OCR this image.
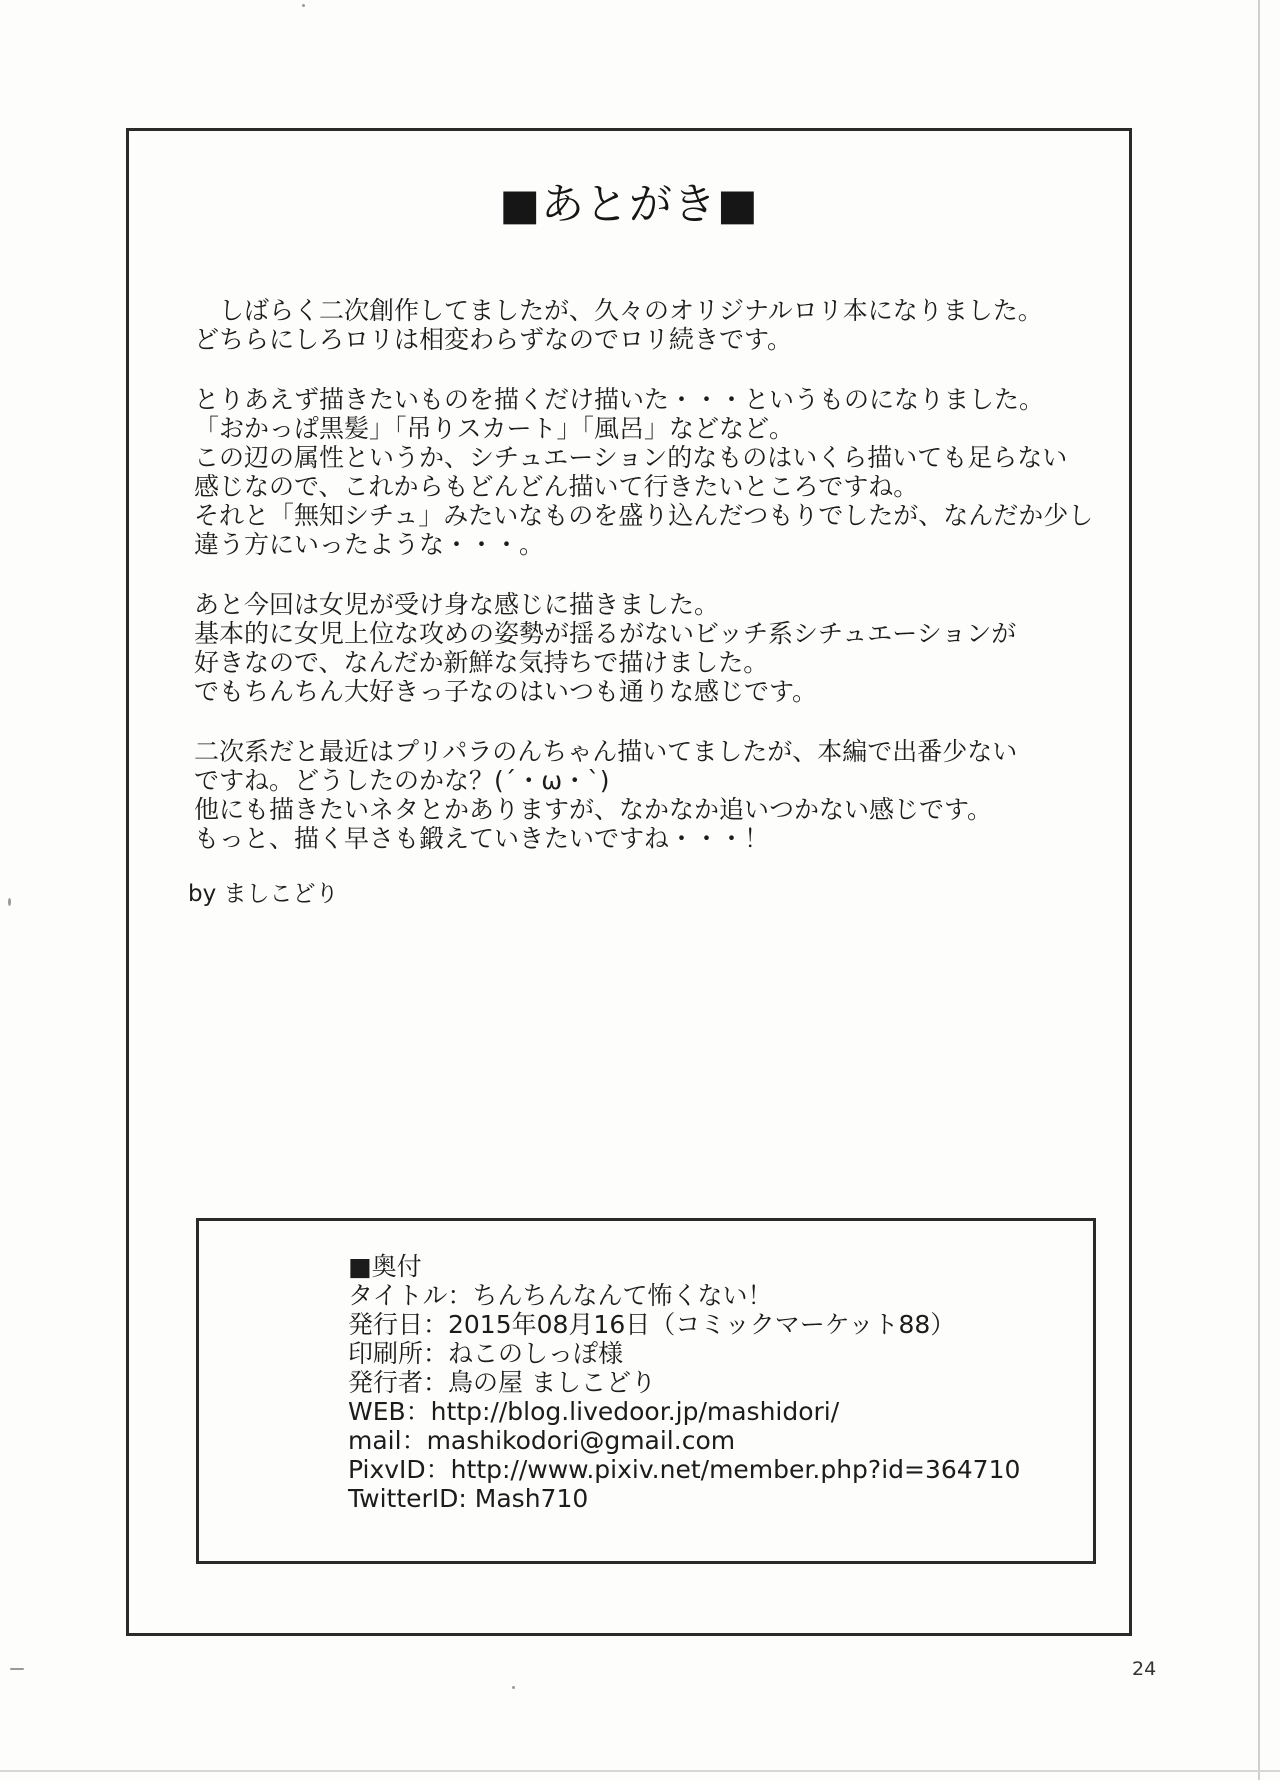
■あとがき■
　しばらく二次創作してましたが、久々のオリジナルロリ本になりました。
どちらにしろロリは相変わらずなのでロリ続きです。
とりあえず描きたいものを描くだけ描いた・・・というものになりました。
「おかっぱ黒髪」「吊りスカート」「風呂」などなど。
この辺の属性というか、シチュエーション的なものはいくら描いても足らない
感じなので、これからもどんどん描いて行きたいところですね。
それと「無知シチュ」みたいなものを盛り込んだつもりでしたが、なんだか少し
違う方にいったような・・・。
あと今回は女児が受け身な感じに描きました。
基本的に女児上位な攻めの姿勢が揺るがないビッチ系シチュエーションが
好きなので、なんだか新鮮な気持ちで描けました。
でもちんちん大好きっ子なのはいつも通りな感じです。
二次系だと最近はプリパラのんちゃん描いてましたが、本編で出番少ない
ですね。どうしたのかな？(´・ω・`)
他にも描きたいネタとかありますが、なかなか追いつかない感じです。
もっと、描く早さも鍛えていきたいですね・・・！
by ましこどり
■奥付
タイトル：ちんちんなんて怖くない！
発行日：2015年08月16日（コミックマーケット88）
印刷所：ねこのしっぽ様
発行者：鳥の屋 ましこどり
WEB：http://blog.livedoor.jp/mashidori/
mail：mashikodori@gmail.com
PixvID：http://www.pixiv.net/member.php?id=364710
TwitterID: Mash710
24
